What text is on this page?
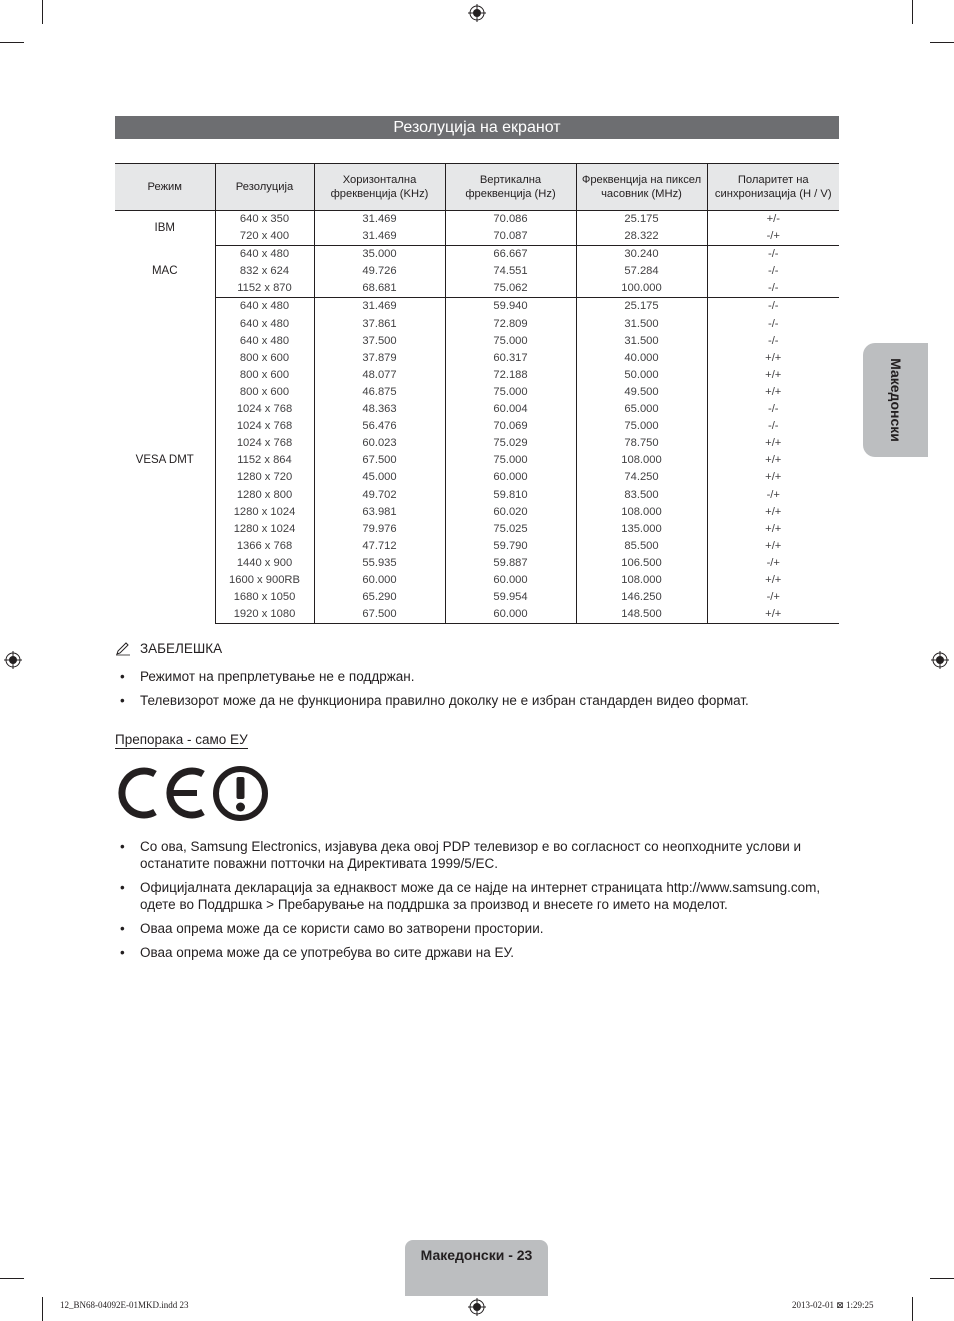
Резолуција на екранот
Режим	Резолуција	Хоризонтална фреквенција (KHz)	Вертикална фреквенција (Hz)	Фреквенција на пиксел часовник (MHz)	Поларитет на синхронизација (H / V)
IBM	640 x 350	31.469	70.086	25.175	+/-
	720 x 400	31.469	70.087	28.322	-/+
MAC	640 x 480	35.000	66.667	30.240	-/-
	832 x 624	49.726	74.551	57.284	-/-
	1152 x 870	68.681	75.062	100.000	-/-
VESA DMT	640 x 480	31.469	59.940	25.175	-/-
	640 x 480	37.861	72.809	31.500	-/-
	640 x 480	37.500	75.000	31.500	-/-
	800 x 600	37.879	60.317	40.000	+/+
	800 x 600	48.077	72.188	50.000	+/+
	800 x 600	46.875	75.000	49.500	+/+
	1024 x 768	48.363	60.004	65.000	-/-
	1024 x 768	56.476	70.069	75.000	-/-
	1024 x 768	60.023	75.029	78.750	+/+
	1152 x 864	67.500	75.000	108.000	+/+
	1280 x 720	45.000	60.000	74.250	+/+
	1280 x 800	49.702	59.810	83.500	-/+
	1280 x 1024	63.981	60.020	108.000	+/+
	1280 x 1024	79.976	75.025	135.000	+/+
	1366 x 768	47.712	59.790	85.500	+/+
	1440 x 900	55.935	59.887	106.500	-/+
	1600 x 900RB	60.000	60.000	108.000	+/+
	1680 x 1050	65.290	59.954	146.250	-/+
	1920 x 1080	67.500	60.000	148.500	+/+
ЗАБЕЛЕШКА
• Режимот на препрлетување не е поддржан.
• Телевизорот може да не функционира правилно доколку не е избран стандарден видео формат.
Препорака - само ЕУ
• Со ова, Samsung Electronics, изјавува дека овој PDP телевизор е во согласност со неопходните услови и останатите поважни потточки на Директивата 1999/5/EC.
• Официјалната декларација за еднаквост може да се најде на интернет страницата http://www.samsung.com, одете во Поддршка > Пребарување на поддршка за производ и внесете го името на моделот.
• Оваа опрема може да се користи само во затворени простории.
• Оваа опрема може да се употребува во сите држави на ЕУ.
Македонски
Македонски - 23
12_BN68-04092E-01MKD.indd 23	2013-02-01 ⊠ 1:29:25
